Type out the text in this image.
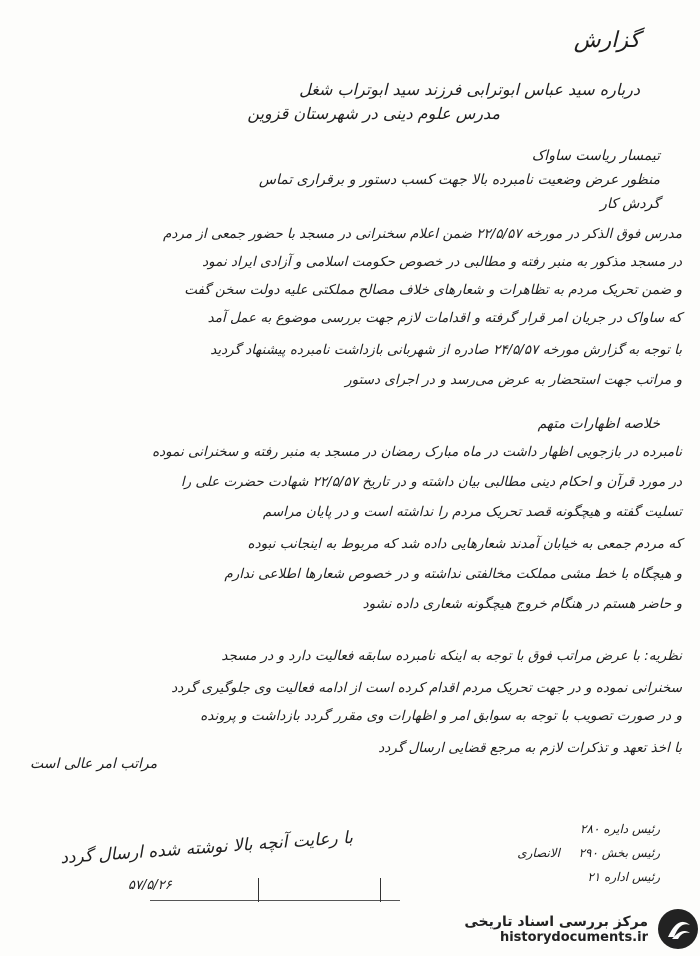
گزارش
درباره سید عباس ابوترابی فرزند سید ابوتراب شغل
مدرس علوم دینی در شهرستان قزوین
تیمسار ریاست ساواک
منظور عرض وضعیت نامبرده بالا جهت کسب دستور و برقراری تماس
گردش کار
مدرس فوق الذکر در مورخه ۲۲/۵/۵۷ ضمن اعلام سخنرانی در مسجد با حضور جمعی از مردم
در مسجد مذکور به منبر رفته و مطالبی در خصوص حکومت اسلامی و آزادی ایراد نمود
و ضمن تحریک مردم به تظاهرات و شعارهای خلاف مصالح مملکتی علیه دولت سخن گفت
که ساواک در جریان امر قرار گرفته و اقدامات لازم جهت بررسی موضوع به عمل آمد
با توجه به گزارش مورخه ۲۴/۵/۵۷ صادره از شهربانی بازداشت نامبرده پیشنهاد گردید
و مراتب جهت استحضار به عرض می‌رسد و در اجرای دستور
خلاصه اظهارات متهم
نامبرده در بازجویی اظهار داشت در ماه مبارک رمضان در مسجد به منبر رفته و سخنرانی نموده
در مورد قرآن و احکام دینی مطالبی بیان داشته و در تاریخ ۲۲/۵/۵۷ شهادت حضرت علی را
تسلیت گفته و هیچگونه قصد تحریک مردم را نداشته است و در پایان مراسم
که مردم جمعی به خیابان آمدند شعارهایی داده شد که مربوط به اینجانب نبوده
و هیچگاه با خط مشی مملکت مخالفتی نداشته و در خصوص شعارها اطلاعی ندارم
و حاضر هستم در هنگام خروج هیچگونه شعاری داده نشود
نظریه: با عرض مراتب فوق با توجه به اینکه نامبرده سابقه فعالیت دارد و در مسجد
سخنرانی نموده و در جهت تحریک مردم اقدام کرده است از ادامه فعالیت وی جلوگیری گردد
و در صورت تصویب با توجه به سوابق امر و اظهارات وی مقرر گردد بازداشت و پرونده
با اخذ تعهد و تذکرات لازم به مرجع قضایی ارسال گردد
مراتب امر عالی است
رئیس دایره ۲۸۰
رئیس بخش ۲۹۰
الانصاری
رئیس اداره ۲۱
با رعایت آنچه بالا نوشته شده ارسال گردد
۵۷/۵/۲۶
مرکز بررسی اسناد تاریخی
historydocuments.ir
